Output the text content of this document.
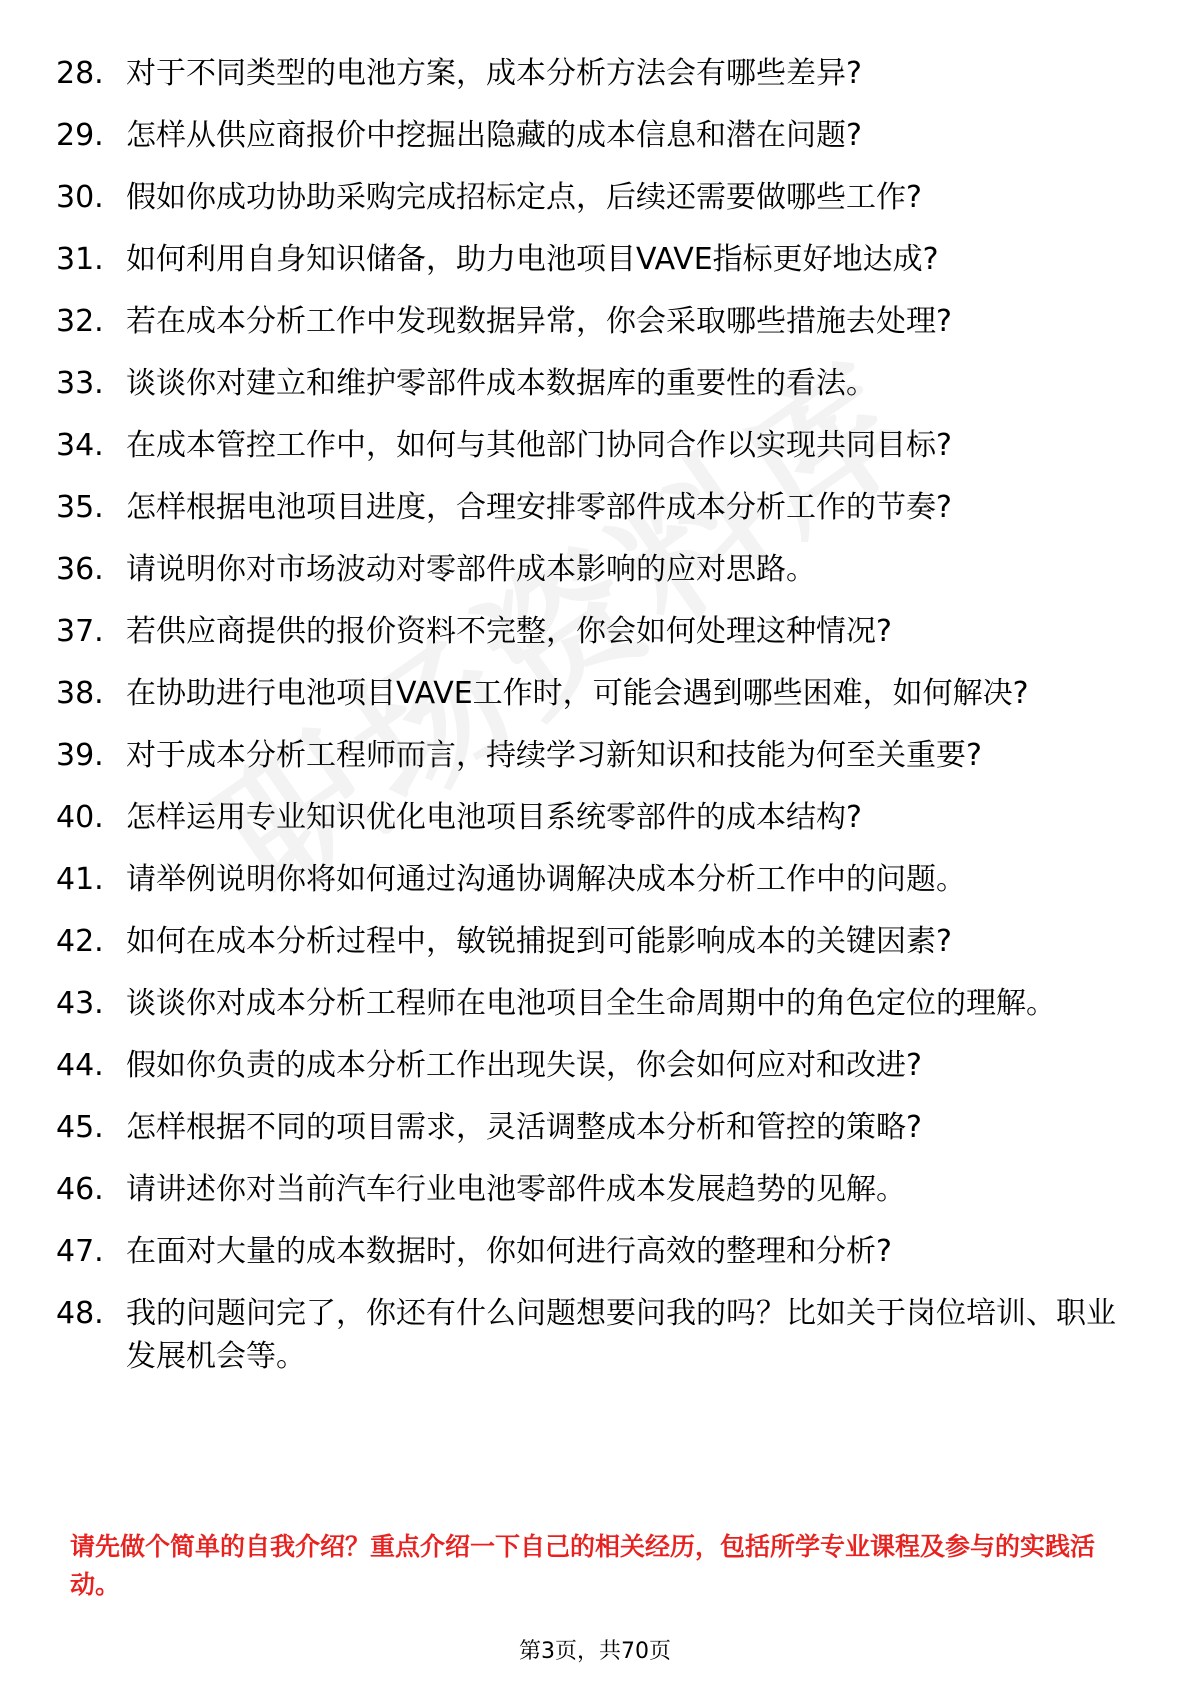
28. 对于不同类型的电池方案，成本分析方法会有哪些差异?
29. 怎样从供应商报价中挖掘出隐藏的成本信息和潜在问题?
30. 假如你成功协助采购完成招标定点，后续还需要做哪些工作?
31. 如何利用自身知识储备，助力电池项目VAVE指标更好地达成?
32. 若在成本分析工作中发现数据异常，你会采取哪些措施去处理?
33. 谈谈你对建立和维护零部件成本数据库的重要性的看法。
34. 在成本管控工作中，如何与其他部门协同合作以实现共同目标?
35. 怎样根据电池项目进度，合理安排零部件成本分析工作的节奏?
36. 请说明你对市场波动对零部件成本影响的应对思路。
37. 若供应商提供的报价资料不完整，你会如何处理这种情况?
38. 在协助进行电池项目VAVE工作时，可能会遇到哪些困难，如何解决?
39. 对于成本分析工程师而言，持续学习新知识和技能为何至关重要?
40. 怎样运用专业知识优化电池项目系统零部件的成本结构?
41. 请举例说明你将如何通过沟通协调解决成本分析工作中的问题。
42. 如何在成本分析过程中，敏锐捕捉到可能影响成本的关键因素?
43. 谈谈你对成本分析工程师在电池项目全生命周期中的角色定位的理解。
44. 假如你负责的成本分析工作出现失误，你会如何应对和改进?
45. 怎样根据不同的项目需求，灵活调整成本分析和管控的策略?
46. 请讲述你对当前汽车行业电池零部件成本发展趋势的见解。
47. 在面对大量的成本数据时，你如何进行高效的整理和分析?
48. 我的问题问完了，你还有什么问题想要问我的吗？比如关于岗位培训、职业发展机会等。
请先做个简单的自我介绍？重点介绍一下自己的相关经历，包括所学专业课程及参与的实践活动。
第3页，共70页
